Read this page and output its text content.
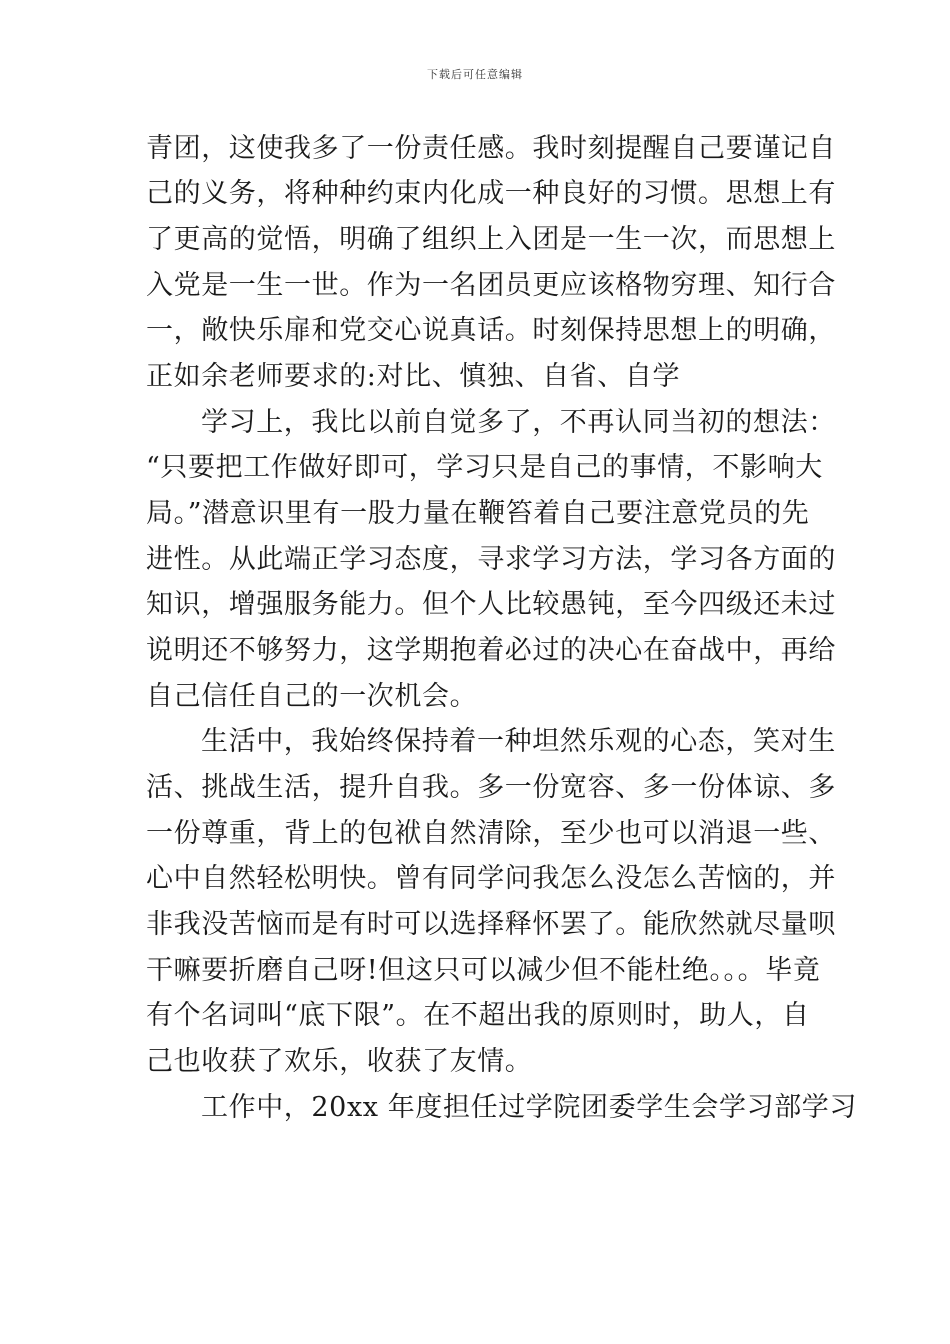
下载后可任意编辑
青团，这使我多了一份责任感。我时刻提醒自己要谨记自
己的义务，将种种约束内化成一种良好的习惯。思想上有
了更高的觉悟，明确了组织上入团是一生一次，而思想上
入党是一生一世。作为一名团员更应该格物穷理、知行合
一，敞快乐扉和党交心说真话。时刻保持思想上的明确，
正如余老师要求的:对比、慎独、自省、自学
学习上，我比以前自觉多了，不再认同当初的想法：
“只要把工作做好即可，学习只是自己的事情，不影响大
局。”潜意识里有一股力量在鞭笞着自己要注意党员的先
进性。从此端正学习态度，寻求学习方法，学习各方面的
知识，增强服务能力。但个人比较愚钝，至今四级还未过
说明还不够努力，这学期抱着必过的决心在奋战中，再给
自己信任自己的一次机会。
生活中，我始终保持着一种坦然乐观的心态，笑对生
活、挑战生活，提升自我。多一份宽容、多一份体谅、多
一份尊重，背上的包袱自然清除，至少也可以消退一些、
心中自然轻松明快。曾有同学问我怎么没怎么苦恼的，并
非我没苦恼而是有时可以选择释怀罢了。能欣然就尽量呗
干嘛要折磨自己呀!但这只可以减少但不能杜绝。。。毕竟
有个名词叫“底下限”。在不超出我的原则时，助人，自
己也收获了欢乐，收获了友情。
工作中，20xx 年度担任过学院团委学生会学习部学习
